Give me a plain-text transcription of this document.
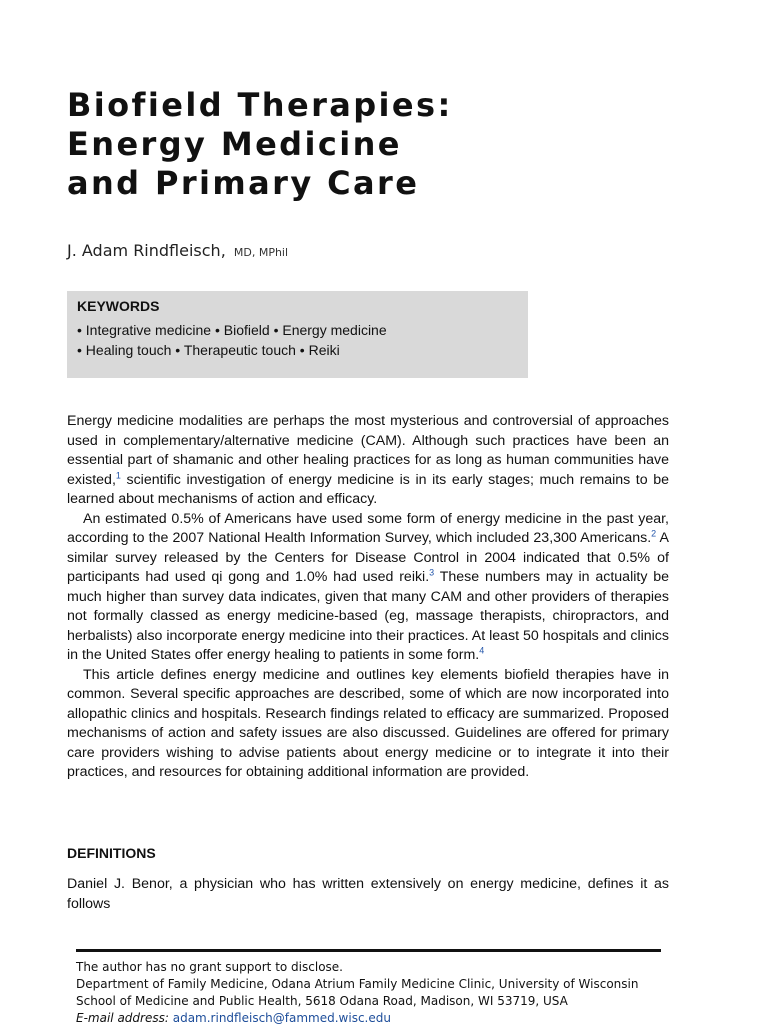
Biofield Therapies:
Energy Medicine
and Primary Care
J. Adam Rindfleisch, MD, MPhil
KEYWORDS
• Integrative medicine • Biofield • Energy medicine
• Healing touch • Therapeutic touch • Reiki

Energy medicine modalities are perhaps the most mysterious and controversial of approaches used in complementary/alternative medicine (CAM). Although such practices have been an essential part of shamanic and other healing practices for as long as human communities have existed,$^1$ scientific investigation of energy medicine is in its early stages; much remains to be learned about mechanisms of action and efficacy.

An estimated 0.5% of Americans have used some form of energy medicine in the past year, according to the 2007 National Health Information Survey, which included 23,300 Americans.$^2$ A similar survey released by the Centers for Disease Control in 2004 indicated that 0.5% of participants had used qi gong and 1.0% had used reiki.$^3$ These numbers may in actuality be much higher than survey data indicates, given that many CAM and other providers of therapies not formally classed as energy medicine-based (eg, massage therapists, chiropractors, and herbalists) also incorporate energy medicine into their practices. At least 50 hospitals and clinics in the United States offer energy healing to patients in some form.$^4$

This article defines energy medicine and outlines key elements biofield therapies have in common. Several specific approaches are described, some of which are now incorporated into allopathic clinics and hospitals. Research findings related to efficacy are summarized. Proposed mechanisms of action and safety issues are also discussed. Guidelines are offered for primary care providers wishing to advise patients about energy medicine or to integrate it into their practices, and resources for obtaining additional information are provided.

DEFINITIONS
Daniel J. Benor, a physician who has written extensively on energy medicine, defines it as follows
The author has no grant support to disclose.
Department of Family Medicine, Odana Atrium Family Medicine Clinic, University of Wisconsin
School of Medicine and Public Health, 5618 Odana Road, Madison, WI 53719, USA
E-mail address: adam.rindfleisch@fammed.wisc.edu
